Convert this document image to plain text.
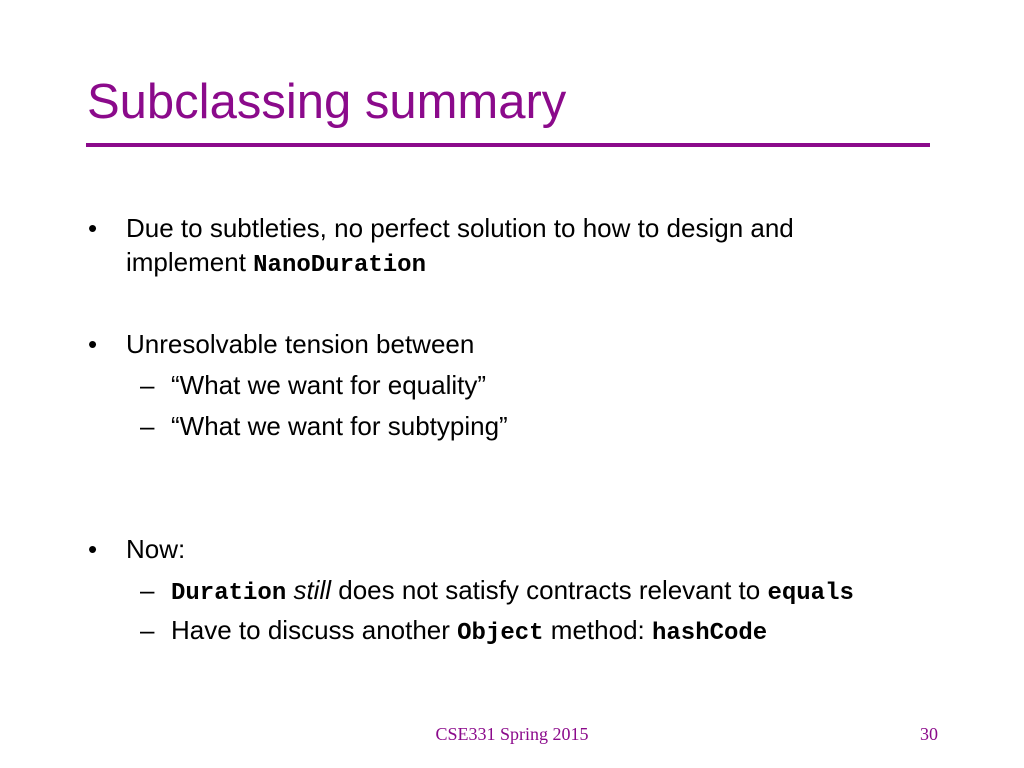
Subclassing summary
• Due to subtleties, no perfect solution to how to design and
implement NanoDuration
• Unresolvable tension between
– “What we want for equality”
– “What we want for subtyping”
• Now:
– Duration still does not satisfy contracts relevant to equals
– Have to discuss another Object method: hashCode
CSE331 Spring 2015	30
